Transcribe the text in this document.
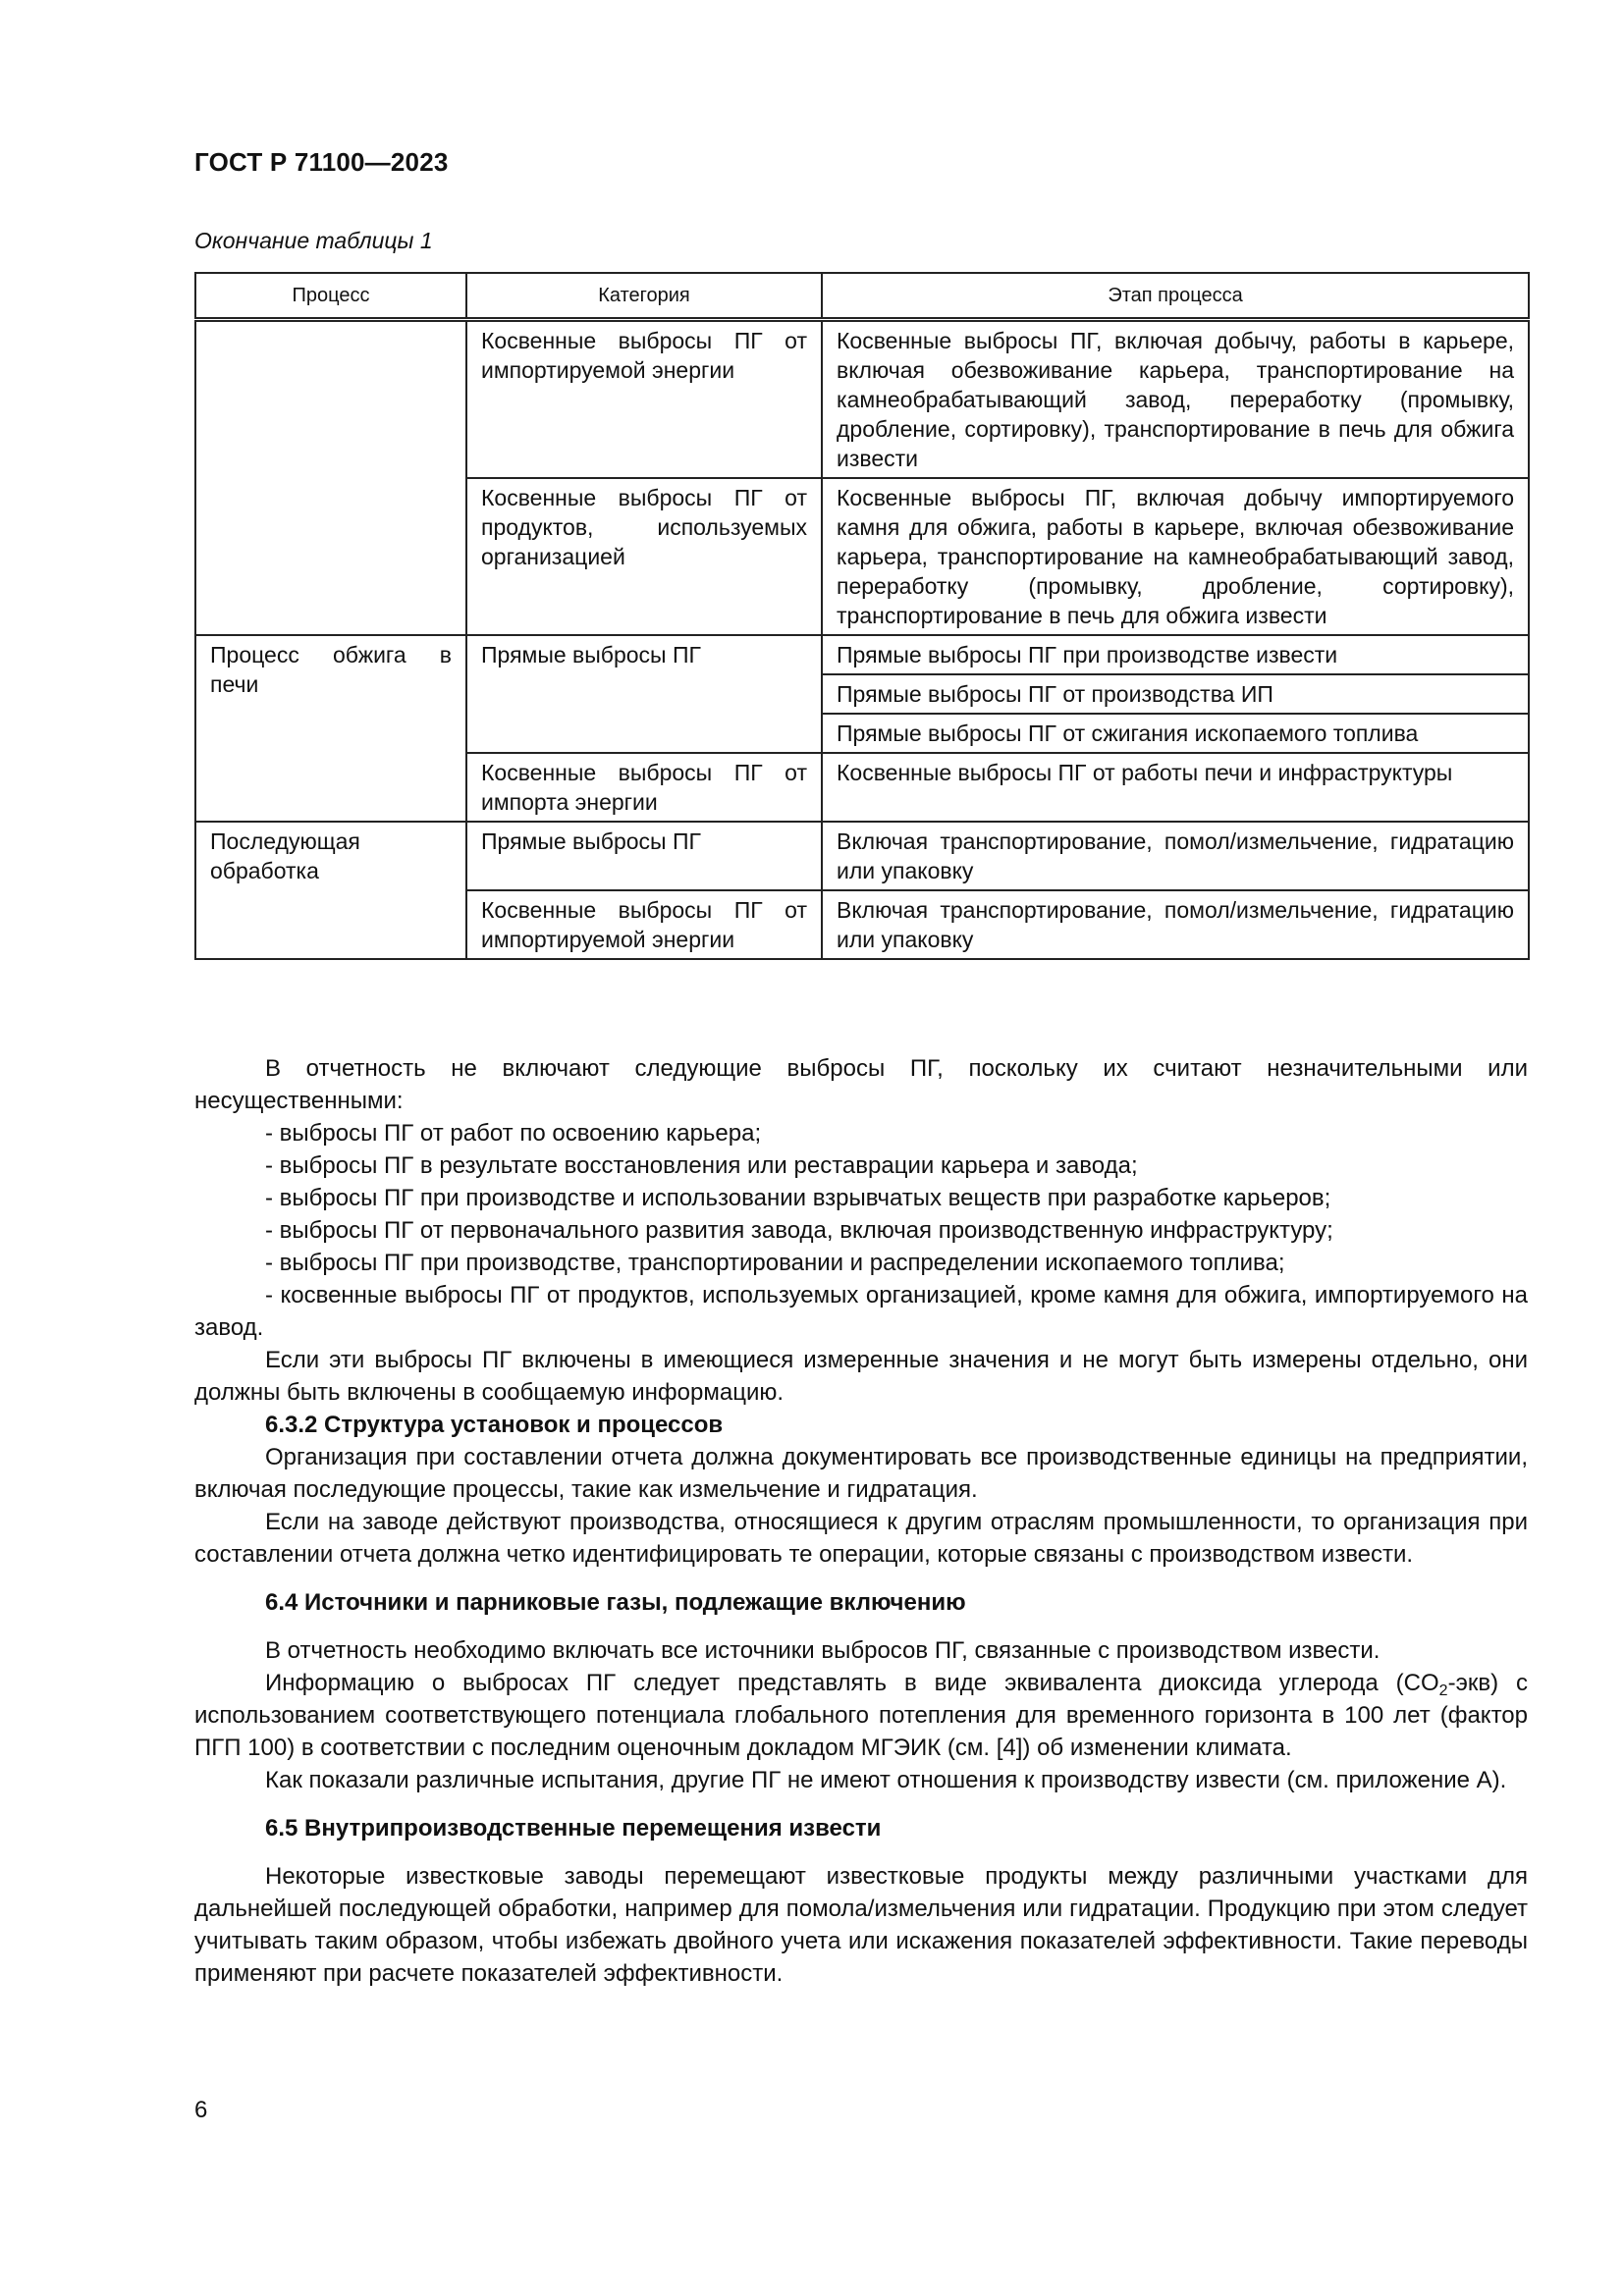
ГОСТ Р 71100—2023
Окончание таблицы 1
Процесс	Категория	Этап процесса

	Косвенные выбросы ПГ от импортируемой энергии	Косвенные выбросы ПГ, включая добычу, работы в карьере, включая обезвоживание карьера, транспортирование на камнеобрабатывающий завод, переработку (промывку, дробление, сортировку), транспортирование в печь для обжига извести

	Косвенные выбросы ПГ от продуктов, используемых организацией	Косвенные выбросы ПГ, включая добычу импортируемого камня для обжига, работы в карьере, включая обезвоживание карьера, транспортирование на камнеобрабатывающий завод, переработку (промывку, дробление, сортировку), транспортирование в печь для обжига извести

Процесс обжига в печи	Прямые выбросы ПГ	Прямые выбросы ПГ при производстве извести

		Прямые выбросы ПГ от производства ИП

		Прямые выбросы ПГ от сжигания ископаемого топлива

	Косвенные выбросы ПГ от импорта энергии	Косвенные выбросы ПГ от работы печи и инфраструктуры

Последующая обработка	Прямые выбросы ПГ	Включая транспортирование, помол/измельчение, гидратацию или упаковку

	Косвенные выбросы ПГ от импортируемой энергии	Включая транспортирование, помол/измельчение, гидратацию или упаковку

В отчетность не включают следующие выбросы ПГ, поскольку их считают незначительными или несущественными:

- выбросы ПГ от работ по освоению карьера;

- выбросы ПГ в результате восстановления или реставрации карьера и завода;

- выбросы ПГ при производстве и использовании взрывчатых веществ при разработке карьеров;

- выбросы ПГ от первоначального развития завода, включая производственную инфраструктуру;

- выбросы ПГ при производстве, транспортировании и распределении ископаемого топлива;

- косвенные выбросы ПГ от продуктов, используемых организацией, кроме камня для обжига, импортируемого на завод.

Если эти выбросы ПГ включены в имеющиеся измеренные значения и не могут быть измерены отдельно, они должны быть включены в сообщаемую информацию.

6.3.2 Структура установок и процессов

Организация при составлении отчета должна документировать все производственные единицы на предприятии, включая последующие процессы, такие как измельчение и гидратация.

Если на заводе действуют производства, относящиеся к другим отраслям промышленности, то организация при составлении отчета должна четко идентифицировать те операции, которые связаны с производством извести.

6.4 Источники и парниковые газы, подлежащие включению

В отчетность необходимо включать все источники выбросов ПГ, связанные с производством извести.

Информацию о выбросах ПГ следует представлять в виде эквивалента диоксида углерода $(CO_2-экв)$ с использованием соответствующего потенциала глобального потепления для временного горизонта в 100 лет (фактор ПГП 100) в соответствии с последним оценочным докладом МГЭИК (см. [4]) об изменении климата.

Как показали различные испытания, другие ПГ не имеют отношения к производству извести (см. приложение А).

6.5 Внутрипроизводственные перемещения извести

Некоторые известковые заводы перемещают известковые продукты между различными участками для дальнейшей последующей обработки, например для помола/измельчения или гидратации. Продукцию при этом следует учитывать таким образом, чтобы избежать двойного учета или искажения показателей эффективности. Такие переводы применяют при расчете показателей эффективности.

6
